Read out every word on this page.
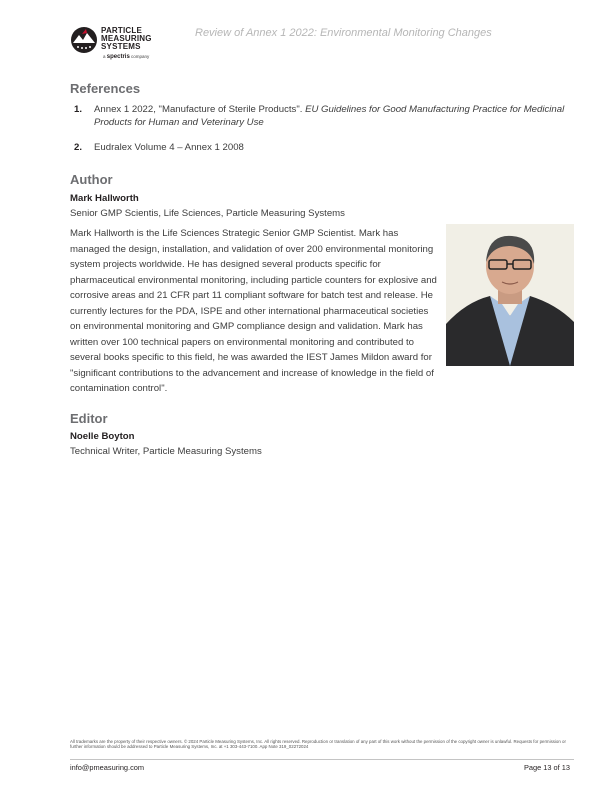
PARTICLE
MEASURING
SYSTEMS
a spectris company
Review of Annex 1 2022: Environmental Monitoring Changes
References
1. Annex 1 2022, "Manufacture of Sterile Products". EU Guidelines for Good Manufacturing Practice for Medicinal Products for Human and Veterinary Use
2. Eudralex Volume 4 – Annex 1 2008
Author
Mark Hallworth
Senior GMP Scientis, Life Sciences, Particle Measuring Systems

Mark Hallworth is the Life Sciences Strategic Senior GMP Scientist. Mark has managed the design, installation, and validation of over 200 environmental monitoring system projects worldwide. He has designed several products specific for pharmaceutical environmental monitoring, including particle counters for explosive and corrosive areas and 21 CFR part 11 compliant software for batch test and release. He currently lectures for the PDA, ISPE and other international pharmaceutical societies on environmental monitoring and GMP compliance design and validation. Mark has written over 100 technical papers on environmental monitoring and contributed to several books specific to this field, he was awarded the IEST James Mildon award for "significant contributions to the advancement and increase of knowledge in the field of contamination control".

Editor
Noelle Boyton
Technical Writer, Particle Measuring Systems
All trademarks are the property of their respective owners. © 2024 Particle Measuring Systems, Inc. All rights reserved. Reproduction or translation of any part of this work without the permission of the copyright owner is unlawful. Requests for permission or further information should be addressed to Particle Measuring Systems, Inc. at +1 303-443-7100. App Note 319_02272024
info@pmeasuring.com	Page 13 of 13
